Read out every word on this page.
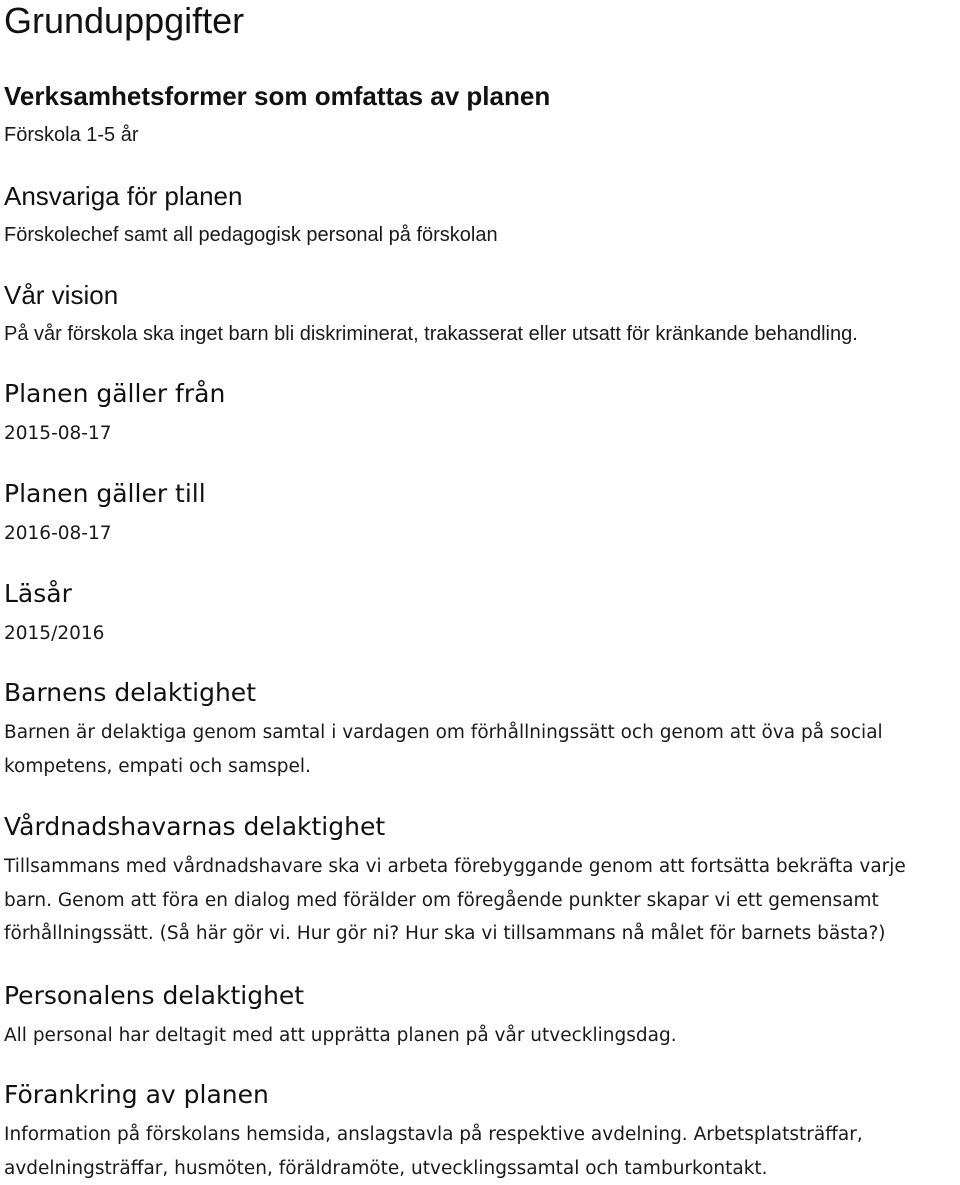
Grunduppgifter
Verksamhetsformer som omfattas av planen

Förskola 1-5 år

Ansvariga för planen

Förskolechef samt all pedagogisk personal på förskolan

Vår vision

På vår förskola ska inget barn bli diskriminerat, trakasserat eller utsatt för kränkande behandling.

Planen gäller från

2015-08-17

Planen gäller till

2016-08-17

Läsår

2015/2016

Barnens delaktighet

Barnen är delaktiga genom samtal i vardagen om förhållningssätt och genom att öva på social kompetens, empati och samspel.

Vårdnadshavarnas delaktighet

Tillsammans med vårdnadshavare ska vi arbeta förebyggande genom att fortsätta bekräfta varje barn. Genom att föra en dialog med förälder om föregående punkter skapar vi ett gemensamt förhållningssätt. (Så här gör vi. Hur gör ni? Hur ska vi tillsammans nå målet för barnets bästa?)

Personalens delaktighet

All personal har deltagit med att upprätta planen på vår utvecklingsdag.

Förankring av planen

Information på förskolans hemsida, anslagstavla på respektive avdelning. Arbetsplatsträffar, avdelningsträffar, husmöten, föräldramöte, utvecklingssamtal och tamburkontakt.
